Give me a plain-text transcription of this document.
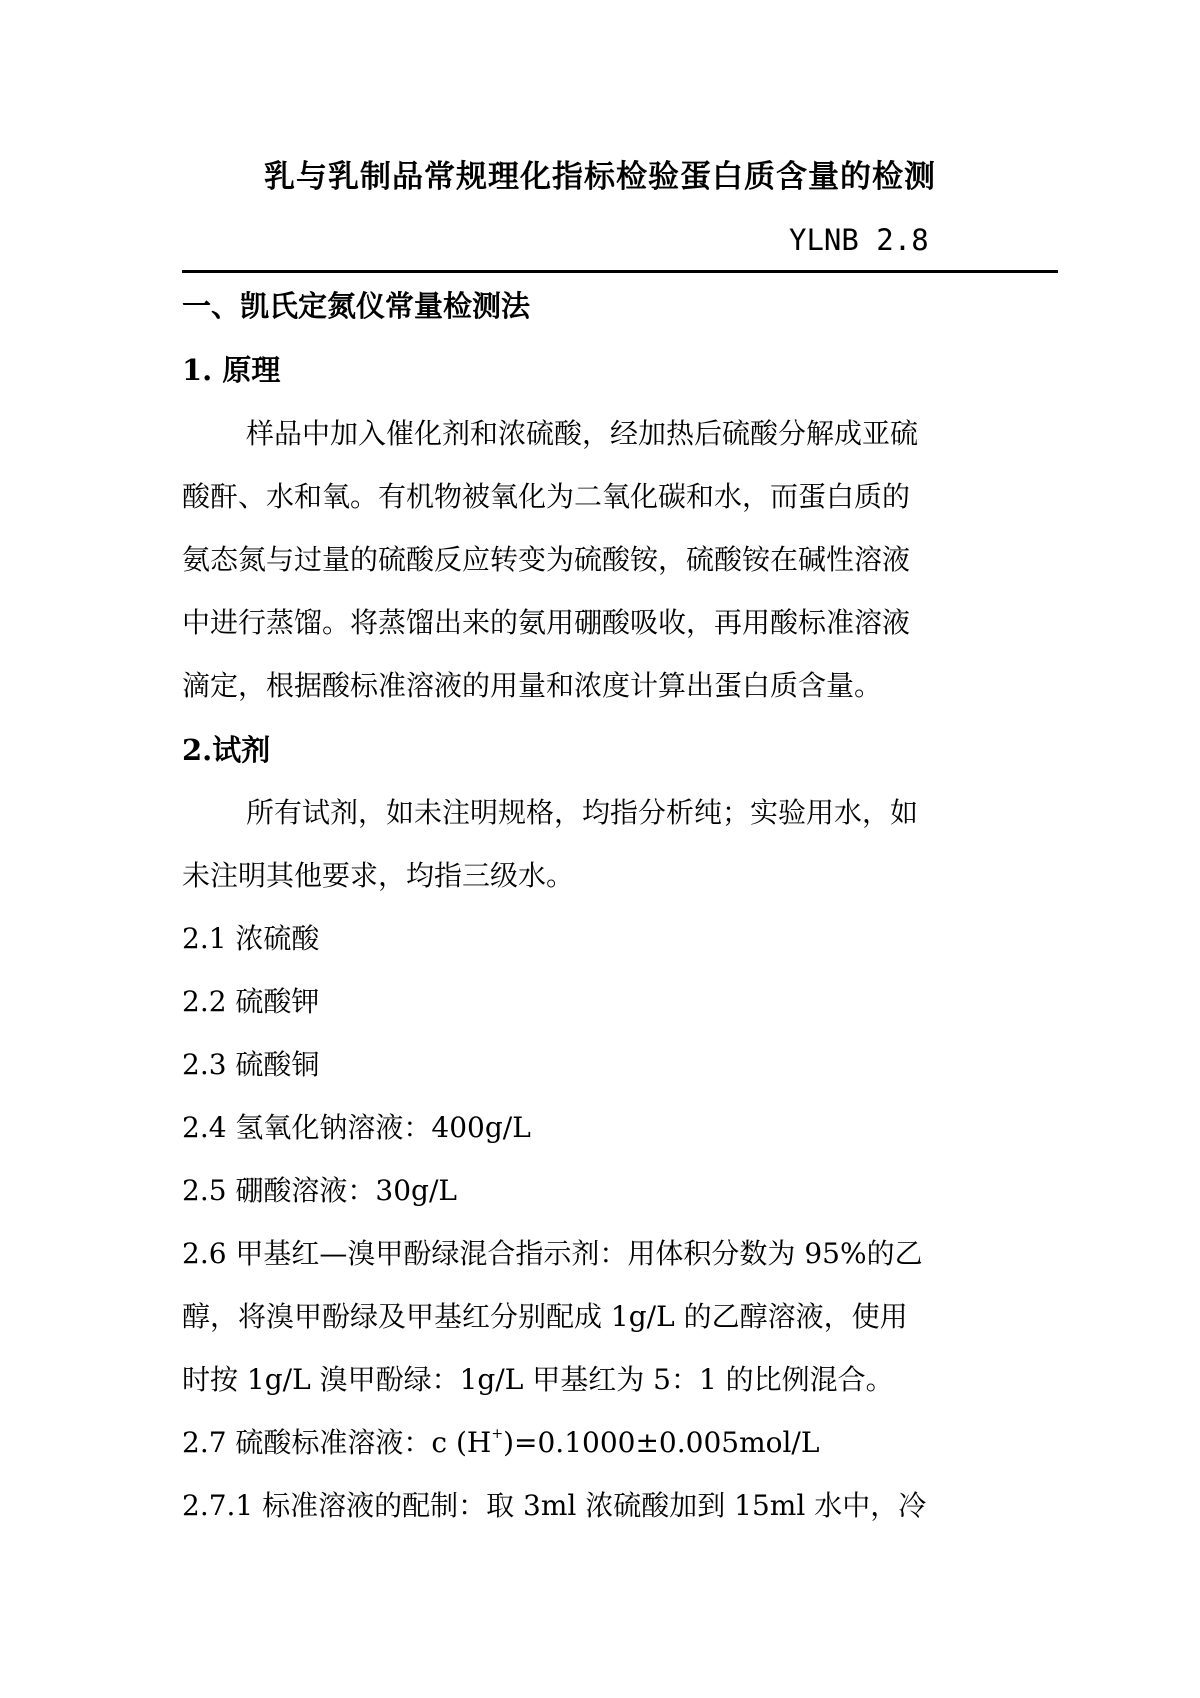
乳与乳制品常规理化指标检验蛋白质含量的检测

YLNB 2.8

一、凯氏定氮仪常量检测法

1. 原理

样品中加入催化剂和浓硫酸，经加热后硫酸分解成亚硫

酸酐、水和氧。有机物被氧化为二氧化碳和水，而蛋白质的

氨态氮与过量的硫酸反应转变为硫酸铵，硫酸铵在碱性溶液

中进行蒸馏。将蒸馏出来的氨用硼酸吸收，再用酸标准溶液

滴定，根据酸标准溶液的用量和浓度计算出蛋白质含量。

2.试剂

所有试剂，如未注明规格，均指分析纯；实验用水，如

未注明其他要求，均指三级水。

2.1 浓硫酸

2.2 硫酸钾

2.3 硫酸铜

2.4 氢氧化钠溶液：400g/L

2.5 硼酸溶液：30g/L

2.6 甲基红—溴甲酚绿混合指示剂：用体积分数为 95%的乙

醇，将溴甲酚绿及甲基红分别配成 1g/L 的乙醇溶液，使用

时按 1g/L 溴甲酚绿：1g/L 甲基红为 5：1 的比例混合。

2.7 硫酸标准溶液：c (H+)=0.1000±0.005mol/L

2.7.1 标准溶液的配制：取 3ml 浓硫酸加到 15ml 水中，冷
